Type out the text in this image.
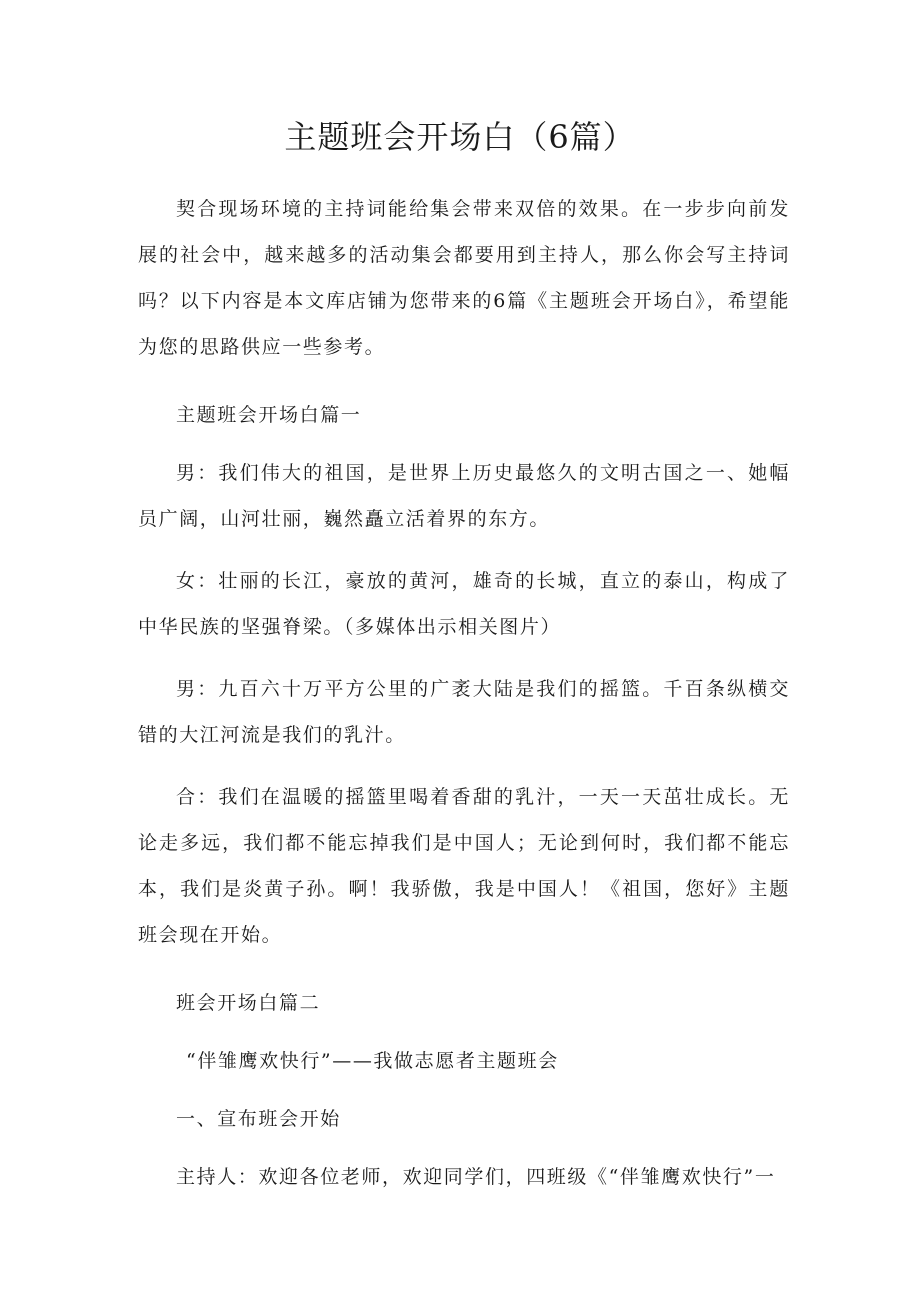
主题班会开场白（6篇）

契合现场环境的主持词能给集会带来双倍的效果。在一步步向前发展的社会中，越来越多的活动集会都要用到主持人，那么你会写主持词吗？以下内容是本文库店铺为您带来的6篇《主题班会开场白》，希望能为您的思路供应一些参考。

主题班会开场白篇一

男：我们伟大的祖国，是世界上历史最悠久的文明古国之一、她幅员广阔，山河壮丽，巍然矗立活着界的东方。

女：壮丽的长江，豪放的黄河，雄奇的长城，直立的泰山，构成了中华民族的坚强脊梁。（多媒体出示相关图片）

男：九百六十万平方公里的广袤大陆是我们的摇篮。千百条纵横交错的大江河流是我们的乳汁。

合：我们在温暖的摇篮里喝着香甜的乳汁，一天一天茁壮成长。无论走多远，我们都不能忘掉我们是中国人；无论到何时，我们都不能忘本，我们是炎黄子孙。啊！我骄傲，我是中国人！《祖国，您好》主题班会现在开始。

班会开场白篇二

“伴雏鹰欢快行”——我做志愿者主题班会

一、宣布班会开始

主持人：欢迎各位老师，欢迎同学们，四班级《“伴雏鹰欢快行”一
